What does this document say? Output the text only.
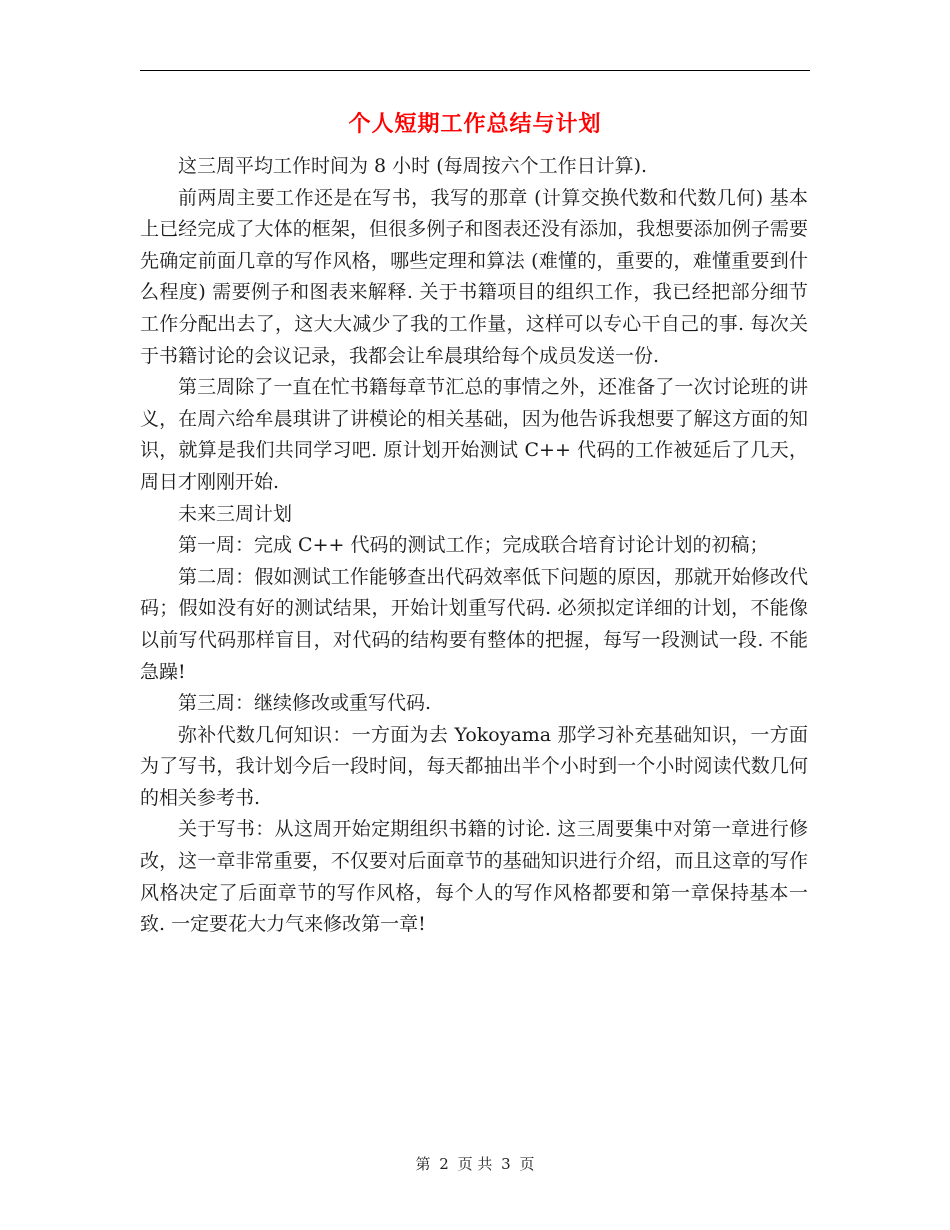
个人短期工作总结与计划

这三周平均工作时间为 8 小时 (每周按六个工作日计算).

前两周主要工作还是在写书，我写的那章 (计算交换代数和代数几何) 基本上已经完成了大体的框架，但很多例子和图表还没有添加，我想要添加例子需要先确定前面几章的写作风格，哪些定理和算法 (难懂的，重要的，难懂重要到什么程度) 需要例子和图表来解释. 关于书籍项目的组织工作，我已经把部分细节工作分配出去了，这大大减少了我的工作量，这样可以专心干自己的事. 每次关于书籍讨论的会议记录，我都会让牟晨琪给每个成员发送一份.

第三周除了一直在忙书籍每章节汇总的事情之外，还准备了一次讨论班的讲义，在周六给牟晨琪讲了讲模论的相关基础，因为他告诉我想要了解这方面的知识，就算是我们共同学习吧. 原计划开始测试 C++ 代码的工作被延后了几天，周日才刚刚开始.

未来三周计划

第一周：完成 C++ 代码的测试工作；完成联合培育讨论计划的初稿；

第二周：假如测试工作能够查出代码效率低下问题的原因，那就开始修改代码；假如没有好的测试结果，开始计划重写代码. 必须拟定详细的计划，不能像以前写代码那样盲目，对代码的结构要有整体的把握，每写一段测试一段. 不能急躁!

第三周：继续修改或重写代码.

弥补代数几何知识：一方面为去 Yokoyama 那学习补充基础知识，一方面为了写书，我计划今后一段时间，每天都抽出半个小时到一个小时阅读代数几何的相关参考书.

关于写书：从这周开始定期组织书籍的讨论. 这三周要集中对第一章进行修改，这一章非常重要，不仅要对后面章节的基础知识进行介绍，而且这章的写作风格决定了后面章节的写作风格，每个人的写作风格都要和第一章保持基本一致. 一定要花大力气来修改第一章!

第 2 页 共 3 页
